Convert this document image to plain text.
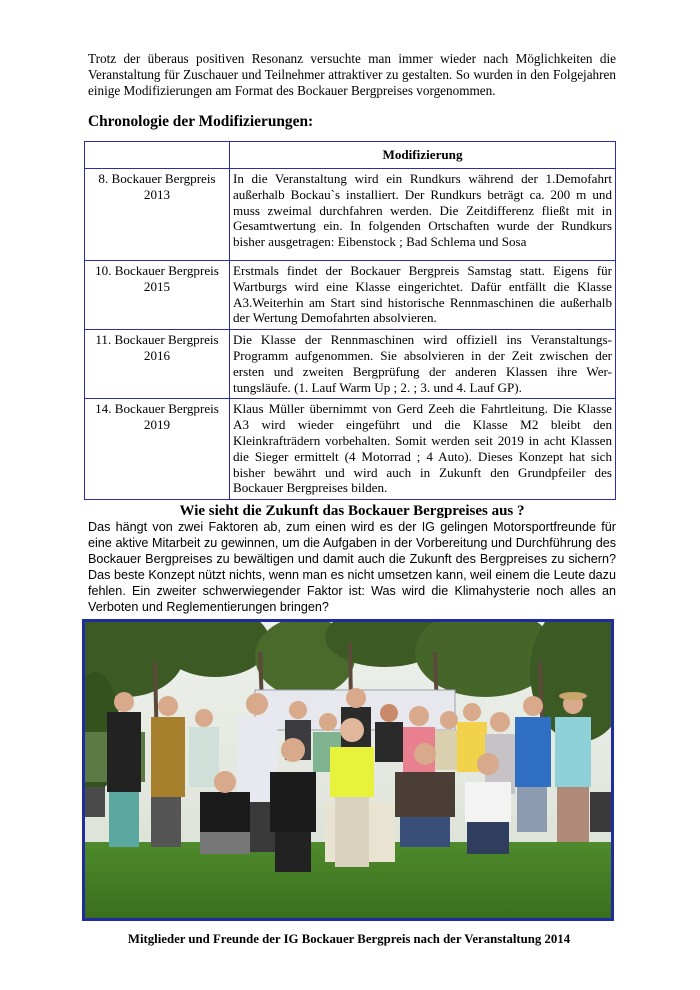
Trotz der überaus positiven Resonanz versuchte man immer wieder nach Möglichkeiten die Veranstaltung für Zuschauer und Teilnehmer attraktiver zu gestalten. So wurden in den Folgejahren einige Modifizierungen am Format des Bockauer Bergpreises vorgenommen.

Chronologie der Modifizierungen:
	Modifizierung
8. Bockauer Bergpreis
2013	In die Veranstaltung wird ein Rundkurs während der 1.Demofahrt außerhalb Bockau`s installiert. Der Rundkurs beträgt ca. 200 m und muss zweimal durchfahren werden. Die Zeitdifferenz fließt mit in Gesamtwertung ein. In folgenden Ortschaften wurde der Rundkurs bisher ausgetragen: Eibenstock ; Bad Schlema und Sosa
10. Bockauer Bergpreis
2015	Erstmals findet der Bockauer Bergpreis Samstag statt. Eigens für Wartburgs wird eine Klasse eingerichtet. Dafür entfällt die Klasse A3.Weiterhin am Start sind historische Rennmaschinen die außerhalb der Wertung Demofahrten absolvieren.
11. Bockauer Bergpreis
2016	Die Klasse der Rennmaschinen wird offiziell ins Veranstaltungs-Programm aufgenommen. Sie absolvieren in der Zeit zwischen der ersten und zweiten Bergprüfung der anderen Klassen ihre Wer-tungsläufe. (1. Lauf Warm Up ; 2. ; 3. und 4. Lauf GP).
14. Bockauer Bergpreis
2019	Klaus Müller übernimmt von Gerd Zeeh die Fahrtleitung. Die Klasse A3 wird wieder eingeführt und die Klasse M2 bleibt den Kleinkrafträdern vorbehalten. Somit werden seit 2019 in acht Klassen die Sieger ermittelt (4 Motorrad ; 4 Auto). Dieses Konzept hat sich bisher bewährt und wird auch in Zukunft den Grundpfeiler des Bockauer Bergpreises bilden.
Wie sieht die Zukunft das Bockauer Bergpreises aus ?

Das hängt von zwei Faktoren ab, zum einen wird es der IG gelingen Motorsportfreunde für eine aktive Mitarbeit zu gewinnen, um die Aufgaben in der Vorbereitung und Durchführung des Bockauer Bergpreises zu bewältigen und damit auch die Zukunft des Bergpreises zu sichern? Das beste Konzept nützt nichts, wenn man es nicht umsetzen kann, weil einem die Leute dazu fehlen. Ein zweiter schwerwiegender Faktor ist: Was wird die Klimahysterie noch alles an Verboten und Reglementierungen bringen?

Mitglieder und Freunde der IG Bockauer Bergpreis nach der Veranstaltung 2014
